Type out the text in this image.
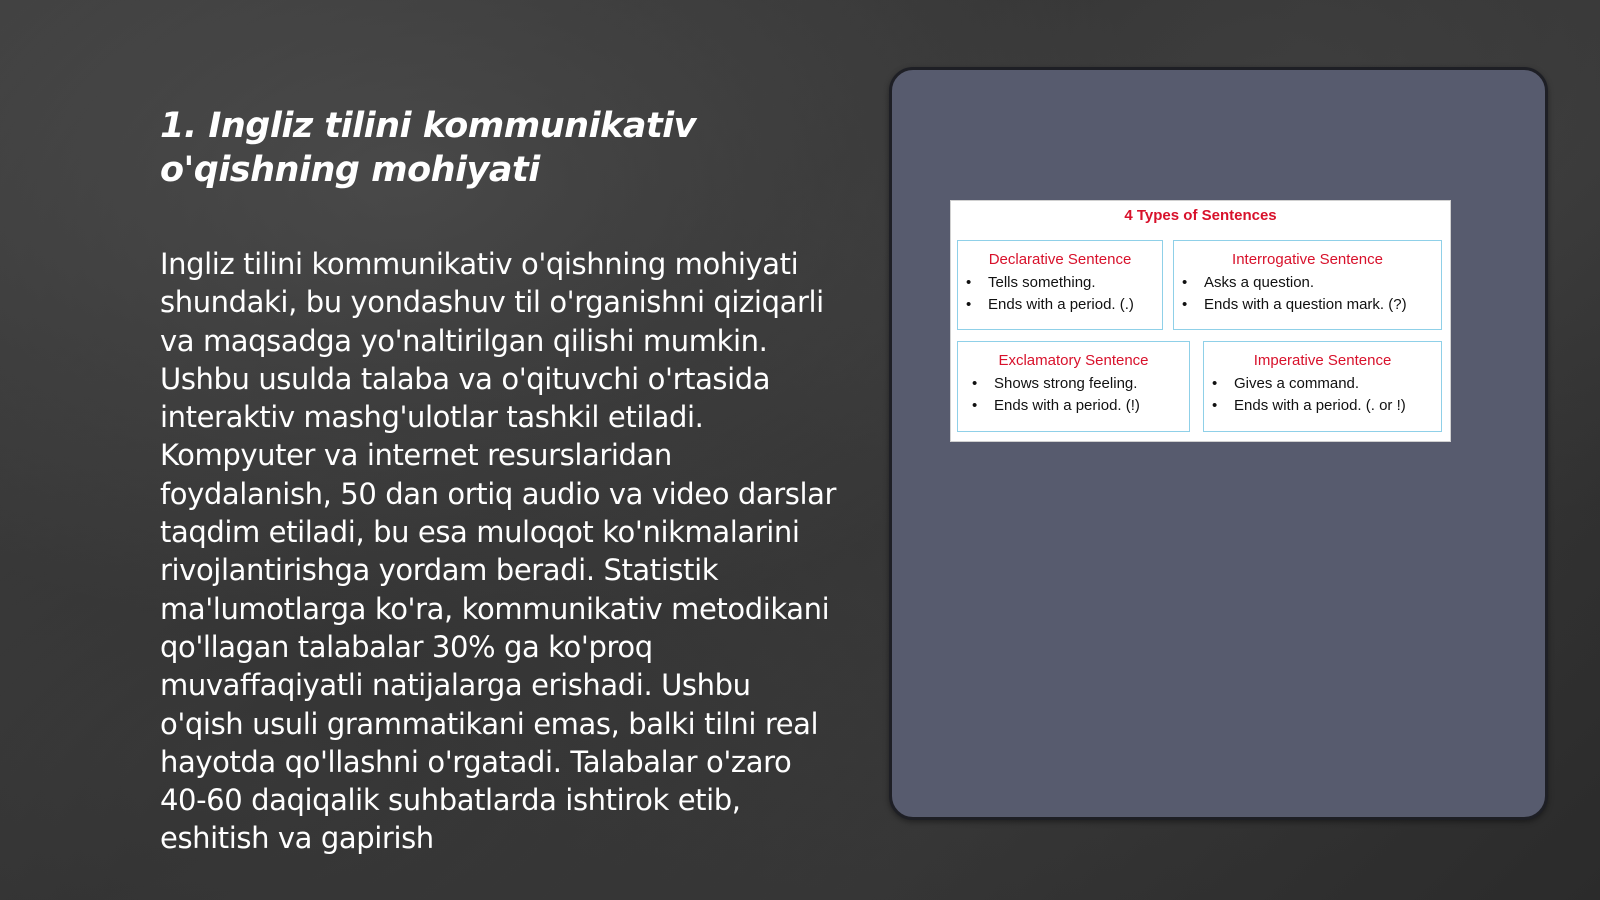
1. Ingliz tilini kommunikativ
o'qishning mohiyati

Ingliz tilini kommunikativ o'qishning mohiyati shundaki, bu yondashuv til o'rganishni qiziqarli va maqsadga yo'naltirilgan qilishi mumkin. Ushbu usulda talaba va o'qituvchi o'rtasida interaktiv mashg'ulotlar tashkil etiladi. Kompyuter va internet resurslaridan foydalanish, 50 dan ortiq audio va video darslar taqdim etiladi, bu esa muloqot ko'nikmalarini rivojlantirishga yordam beradi. Statistik ma'lumotlarga ko'ra, kommunikativ metodikani qo'llagan talabalar 30% ga ko'proq muvaffaqiyatli natijalarga erishadi. Ushbu o'qish usuli grammatikani emas, balki tilni real hayotda qo'llashni o'rgatadi. Talabalar o'zaro 40-60 daqiqalik suhbatlarda ishtirok etib, eshitish va gapirish

4 Types of Sentences
Declarative Sentence
• Tells something.
• Ends with a period. (.)
Interrogative Sentence
• Asks a question.
• Ends with a question mark. (?)
Exclamatory Sentence
• Shows strong feeling.
• Ends with a period. (!)
Imperative Sentence
• Gives a command.
• Ends with a period. (. or !)
